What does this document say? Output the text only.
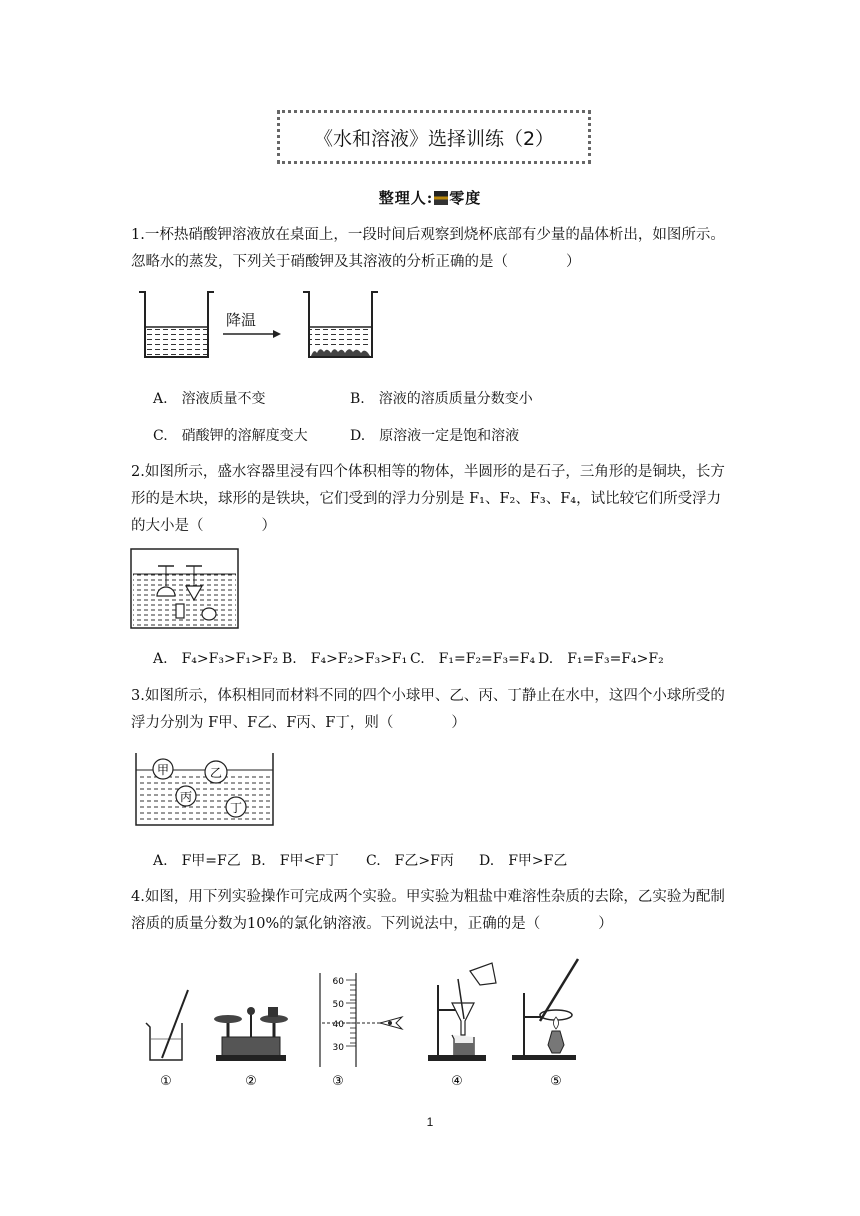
《水和溶液》选择训练（2）
整理人: 零度
1.一杯热硝酸钾溶液放在桌面上，一段时间后观察到烧杯底部有少量的晶体析出，如图所示。忽略水的蒸发，下列关于硝酸钾及其溶液的分析正确的是（　　　　）
降温
A. 溶液质量不变	B. 溶液的溶质质量分数变小
C. 硝酸钾的溶解度变大	D. 原溶液一定是饱和溶液
2.如图所示，盛水容器里浸有四个体积相等的物体，半圆形的是石子，三角形的是铜块，长方形的是木块，球形的是铁块，它们受到的浮力分别是 F₁、F₂、F₃、F₄，试比较它们所受浮力的大小是（　　　　）
A. F₄>F₃>F₁>F₂ B. F₄>F₂>F₃>F₁ C. F₁=F₂=F₃=F₄ D. F₁=F₃=F₄>F₂
3.如图所示，体积相同而材料不同的四个小球甲、乙、丙、丁静止在水中，这四个小球所受的浮力分别为 F甲、F乙、F丙、F丁，则（　　　　）
甲	乙
丙
丁
A. F甲=F乙 B. F甲<F丁 C. F乙>F丙 D. F甲>F乙
4.如图，用下列实验操作可完成两个实验。甲实验为粗盐中难溶性杂质的去除，乙实验为配制溶质的质量分数为10%的氯化钠溶液。下列说法中，正确的是（　　　　）
①	②
60
50
40
30
③	④	⑤
1
